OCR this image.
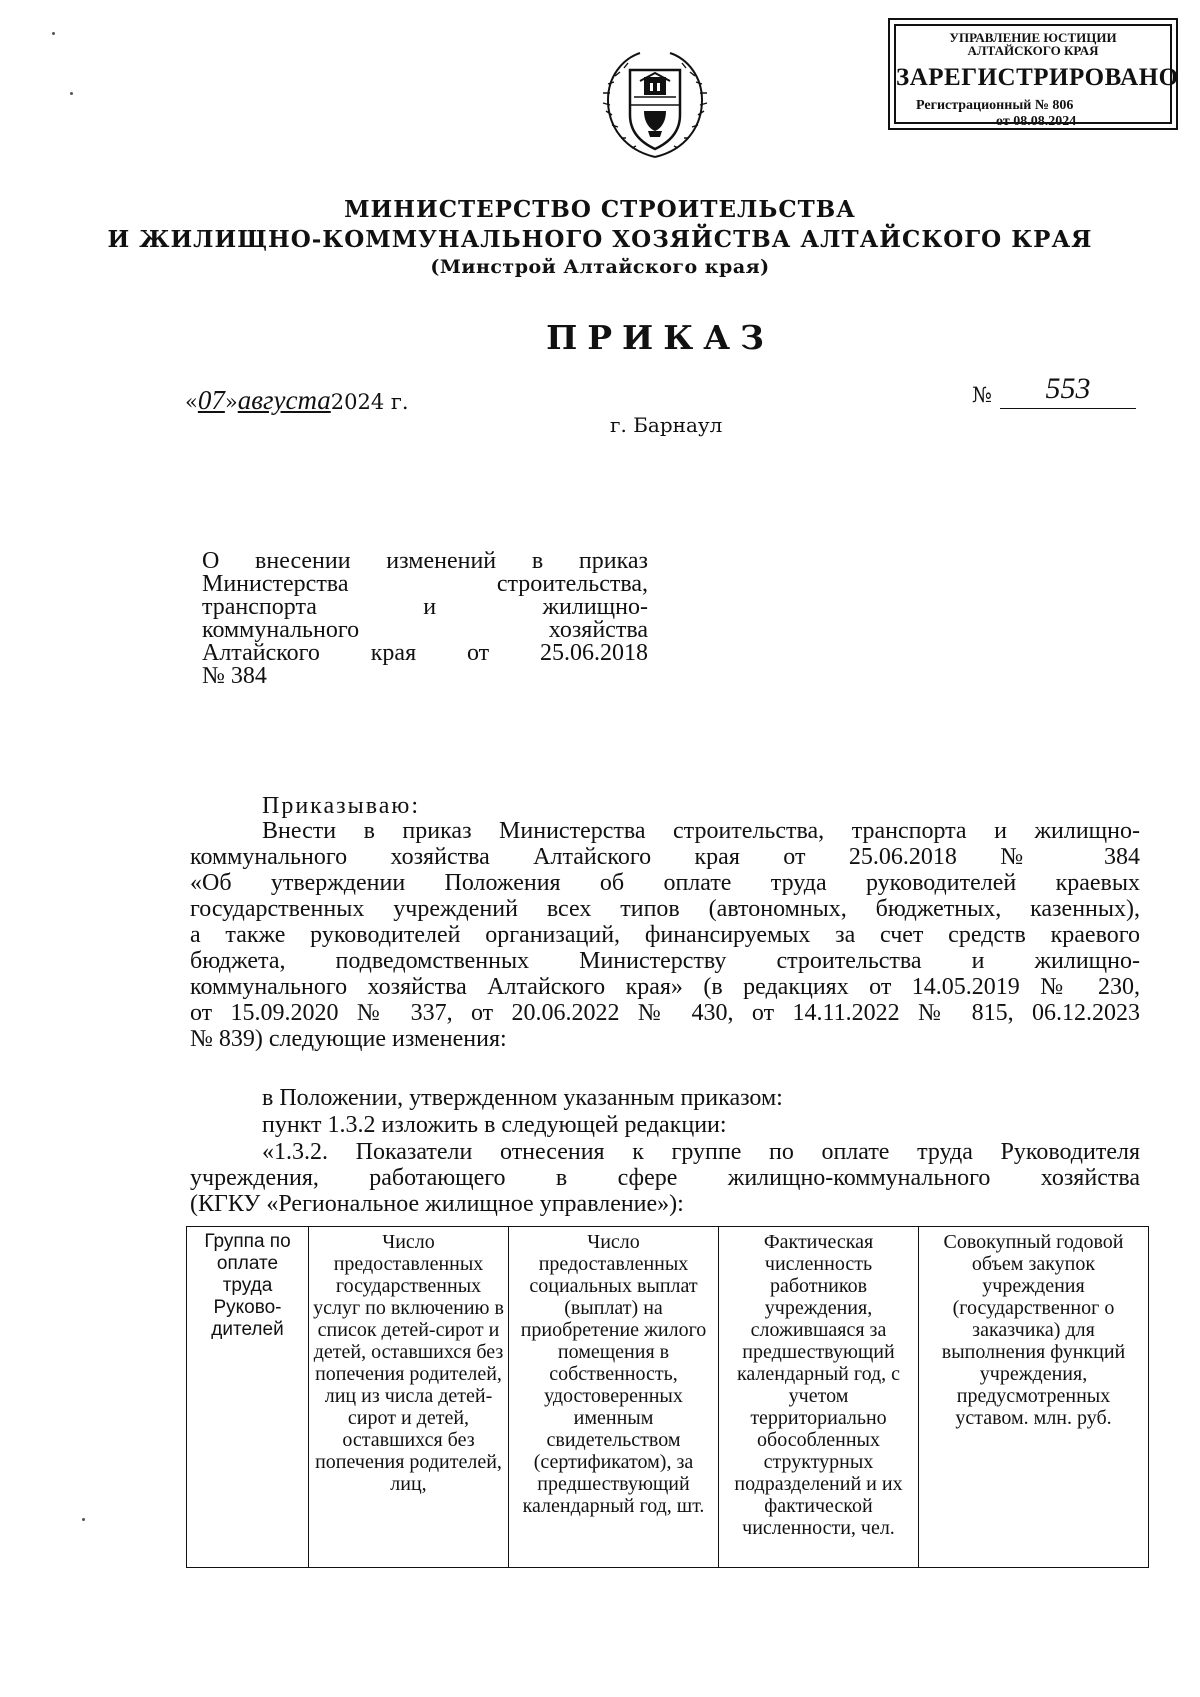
УПРАВЛЕНИЕ ЮСТИЦИИ
АЛТАЙСКОГО КРАЯ
ЗАРЕГИСТРИРОВАНО
Регистрационный № 806
от 08.08.2024
МИНИСТЕРСТВО СТРОИТЕЛЬСТВА
И ЖИЛИЩНО-КОММУНАЛЬНОГО ХОЗЯЙСТВА АЛТАЙСКОГО КРАЯ
(Минстрой Алтайского края)
ПРИКАЗ
«07»августа2024 г.	№	553
г. Барнаул
О внесении изменений в приказ
Министерства строительства,
транспорта и жилищно-
коммунального хозяйства
Алтайского края от 25.06.2018
№ 384
Приказываю:
Внести в приказ Министерства строительства, транспорта и жилищно-
коммунального хозяйства Алтайского края от 25.06.2018 № 384
«Об утверждении Положения об оплате труда руководителей краевых
государственных учреждений всех типов (автономных, бюджетных, казенных),
а также руководителей организаций, финансируемых за счет средств краевого
бюджета, подведомственных Министерству строительства и жилищно-
коммунального хозяйства Алтайского края» (в редакциях от 14.05.2019 № 230,
от 15.09.2020 № 337, от 20.06.2022 № 430, от 14.11.2022 № 815, 06.12.2023
№ 839) следующие изменения:
в Положении, утвержденном указанным приказом:
пункт 1.3.2 изложить в следующей редакции:
«1.3.2. Показатели отнесения к группе по оплате труда Руководителя
учреждения, работающего в сфере жилищно-коммунального хозяйства
(КГКУ «Региональное жилищное управление»):
Группа по оплате труда Руково-дителей	Число предоставленных государственных услуг по включению в список детей-сирот и детей, оставшихся без попечения родителей, лиц из числа детей-сирот и детей, оставшихся без попечения родителей, лиц,	Число предоставленных социальных выплат (выплат) на приобретение жилого помещения в собственность, удостоверенных именным свидетельством (сертификатом), за предшествующий календарный год, шт.	Фактическая численность работников учреждения, сложившаяся за предшествующий календарный год, с учетом территориально обособленных структурных подразделений и их фактической численности, чел.	Совокупный годовой объем закупок учреждения (государственног о заказчика) для выполнения функций учреждения, предусмотренных уставом. млн. руб.
